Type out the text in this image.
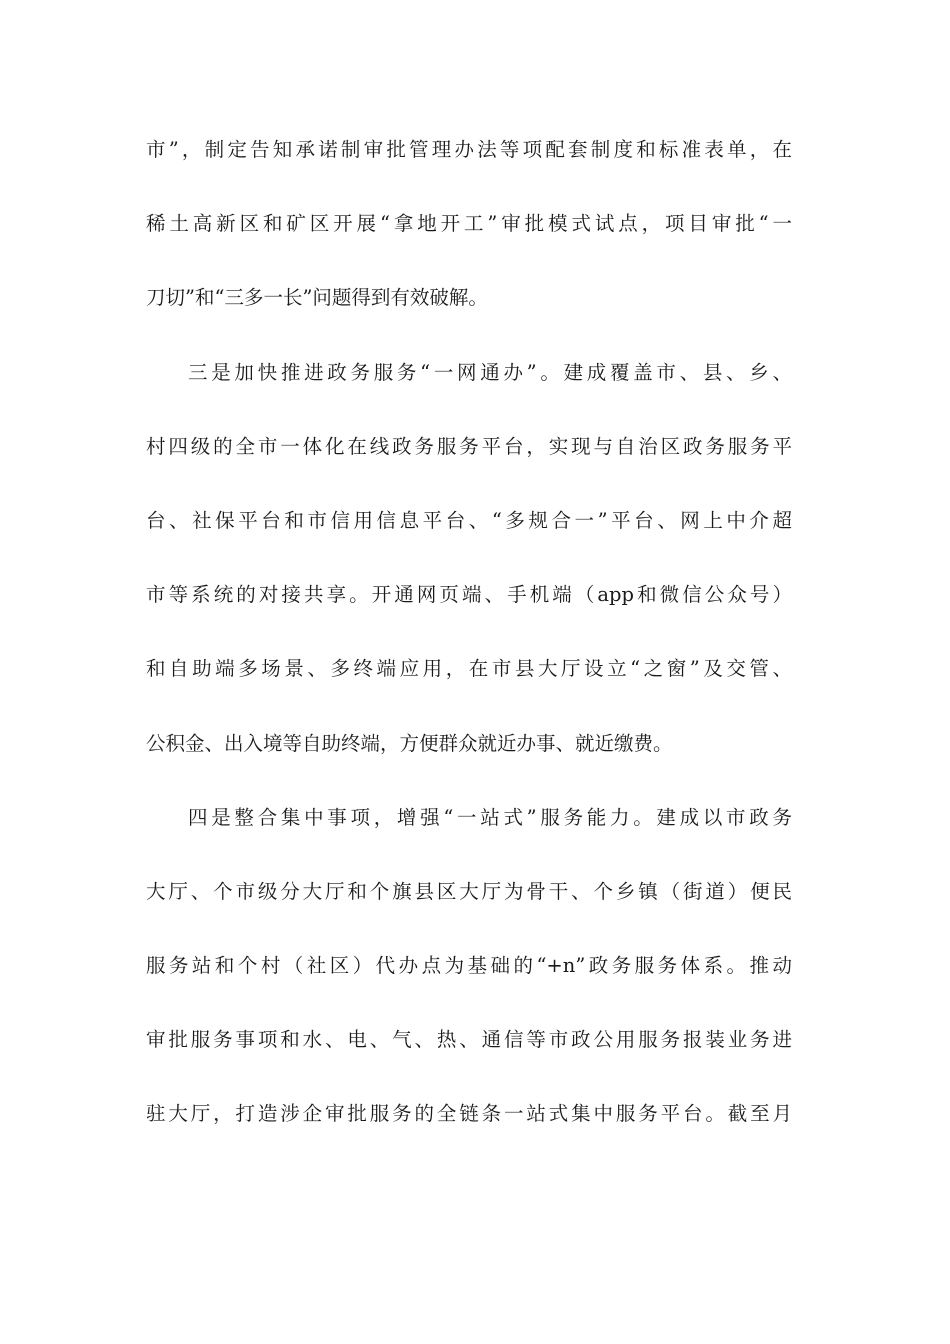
市”，制定告知承诺制审批管理办法等项配套制度和标准表单，在
稀土高新区和矿区开展“拿地开工”审批模式试点，项目审批“一
刀切”和“三多一长”问题得到有效破解。
三是加快推进政务服务“一网通办”。建成覆盖市、县、乡、
村四级的全市一体化在线政务服务平台，实现与自治区政务服务平
台、社保平台和市信用信息平台、“多规合一”平台、网上中介超
市等系统的对接共享。开通网页端、手机端（app和微信公众号）
和自助端多场景、多终端应用，在市县大厅设立“之窗”及交管、
公积金、出入境等自助终端，方便群众就近办事、就近缴费。
四是整合集中事项，增强“一站式”服务能力。建成以市政务
大厅、个市级分大厅和个旗县区大厅为骨干、个乡镇（街道）便民
服务站和个村（社区）代办点为基础的“+n”政务服务体系。推动
审批服务事项和水、电、气、热、通信等市政公用服务报装业务进
驻大厅，打造涉企审批服务的全链条一站式集中服务平台。截至月
